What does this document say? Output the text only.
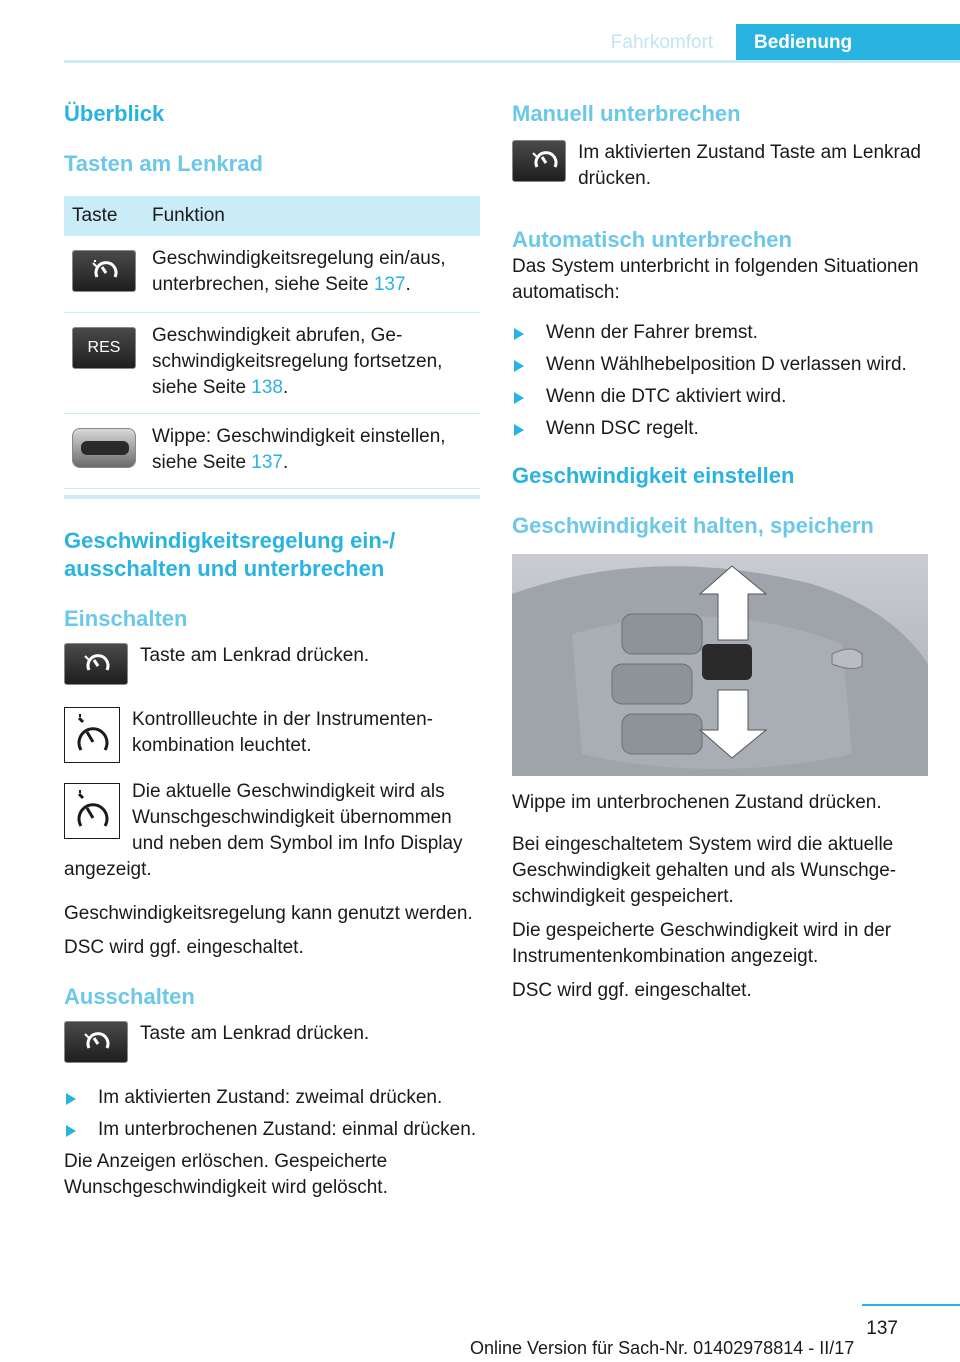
Fahrkomfort	Bedienung
Überblick
Tasten am Lenkrad
Taste	Funktion

	Geschwindigkeitsregelung ein/aus, unterbrechen, siehe Seite 137.

RES	Geschwindigkeit abrufen, Geschwindigkeitsregelung fortsetzen, siehe Seite 138.

	Wippe: Geschwindigkeit einstellen, siehe Seite 137.
Geschwindigkeitsregelung ein-/ ausschalten und unterbrechen
Einschalten
Taste am Lenkrad drücken.
Kontrollleuchte in der Instrumentenkombination leuchtet.

Die aktuelle Geschwindigkeit wird als Wunschgeschwindigkeit übernommen und neben dem Symbol im Info Display angezeigt.

Geschwindigkeitsregelung kann genutzt werden.

DSC wird ggf. eingeschaltet.

Ausschalten
Taste am Lenkrad drücken.
Im aktivierten Zustand: zweimal drücken.
Im unterbrochenen Zustand: einmal drücken.

Die Anzeigen erlöschen. Gespeicherte Wunschgeschwindigkeit wird gelöscht.

Manuell unterbrechen
Im aktivierten Zustand Taste am Lenkrad drücken.
Automatisch unterbrechen

Das System unterbricht in folgenden Situationen automatisch:

Wenn der Fahrer bremst.
Wenn Wählhebelposition D verlassen wird.
Wenn die DTC aktiviert wird.
Wenn DSC regelt.
Geschwindigkeit einstellen
Geschwindigkeit halten, speichern

Wippe im unterbrochenen Zustand drücken.

Bei eingeschaltetem System wird die aktuelle Geschwindigkeit gehalten und als Wunschgeschwindigkeit gespeichert.

Die gespeicherte Geschwindigkeit wird in der Instrumentenkombination angezeigt.

DSC wird ggf. eingeschaltet.

137
Online Version für Sach-Nr. 01402978814 - II/17
